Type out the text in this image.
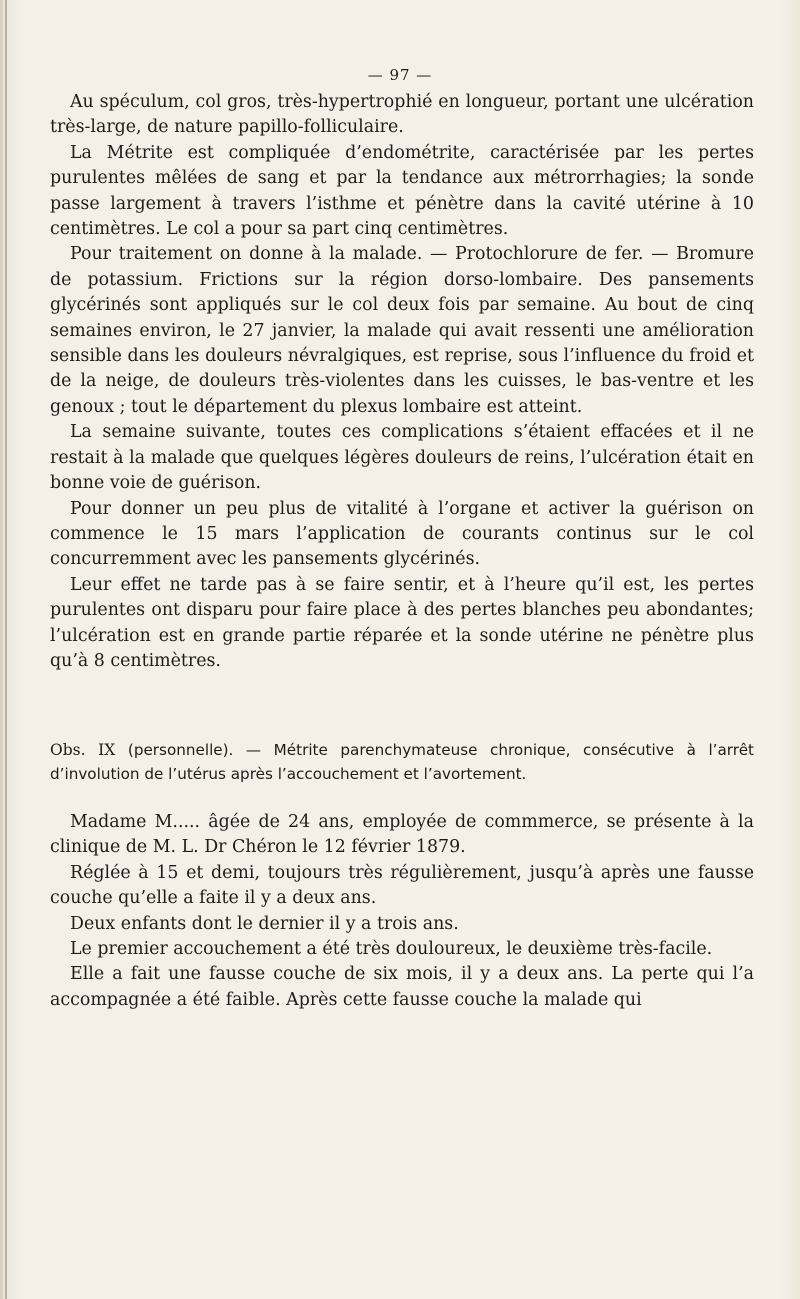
— 97 —

Au spéculum, col gros, très-hypertrophié en longueur, portant une ulcération très-large, de nature papillo-folliculaire.

La Métrite est compliquée d’endométrite, caractérisée par les pertes purulentes mêlées de sang et par la tendance aux métrorrhagies; la sonde passe largement à travers l’isthme et pénètre dans la cavité utérine à 10 centimètres. Le col a pour sa part cinq centimètres.

Pour traitement on donne à la malade. — Protochlorure de fer. — Bromure de potassium. Frictions sur la région dorso-lombaire. Des pansements glycérinés sont appliqués sur le col deux fois par semaine. Au bout de cinq semaines environ, le 27 janvier, la malade qui avait ressenti une amélioration sensible dans les douleurs névralgiques, est reprise, sous l’influence du froid et de la neige, de douleurs très-violentes dans les cuisses, le bas-ventre et les genoux ; tout le département du plexus lombaire est atteint.

La semaine suivante, toutes ces complications s’étaient effacées et il ne restait à la malade que quelques légères douleurs de reins, l’ulcération était en bonne voie de guérison.

Pour donner un peu plus de vitalité à l’organe et activer la guérison on commence le 15 mars l’application de courants continus sur le col concurremment avec les pansements glycérinés.

Leur effet ne tarde pas à se faire sentir, et à l’heure qu’il est, les pertes purulentes ont disparu pour faire place à des pertes blanches peu abondantes; l’ulcération est en grande partie réparée et la sonde utérine ne pénètre plus qu’à 8 centimètres.

Obs. IX (personnelle). — Métrite parenchymateuse chronique, consécutive à l’arrêt d’involution de l’utérus après l’accouchement et l’avortement.

Madame M..... âgée de 24 ans, employée de commmerce, se présente à la clinique de M. L. Dr Chéron le 12 février 1879.

Réglée à 15 et demi, toujours très régulièrement, jusqu’à après une fausse couche qu’elle a faite il y a deux ans.

Deux enfants dont le dernier il y a trois ans.

Le premier accouchement a été très douloureux, le deuxième très-facile.

Elle a fait une fausse couche de six mois, il y a deux ans. La perte qui l’a accompagnée a été faible. Après cette fausse couche la malade qui
